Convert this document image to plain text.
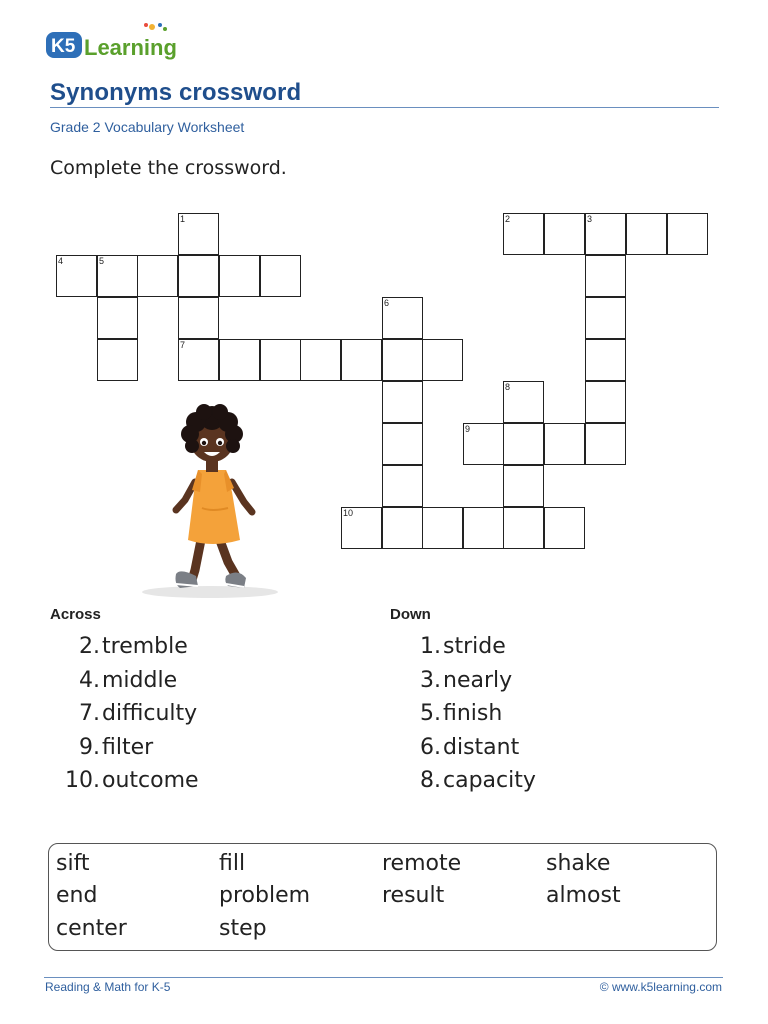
K5 Learning
Synonyms crossword
Grade 2 Vocabulary Worksheet
Complete the crossword.
1	2	3
4	5
6
7
8
9
10
Across	Down
2. tremble
4. middle
7. difficulty
9. filter
10. outcome
1. stride
3. nearly
5. finish
6. distant
8. capacity
sift	fill	remote	shake
end	problem	result	almost
center	step
Reading & Math for K-5	© www.k5learning.com
